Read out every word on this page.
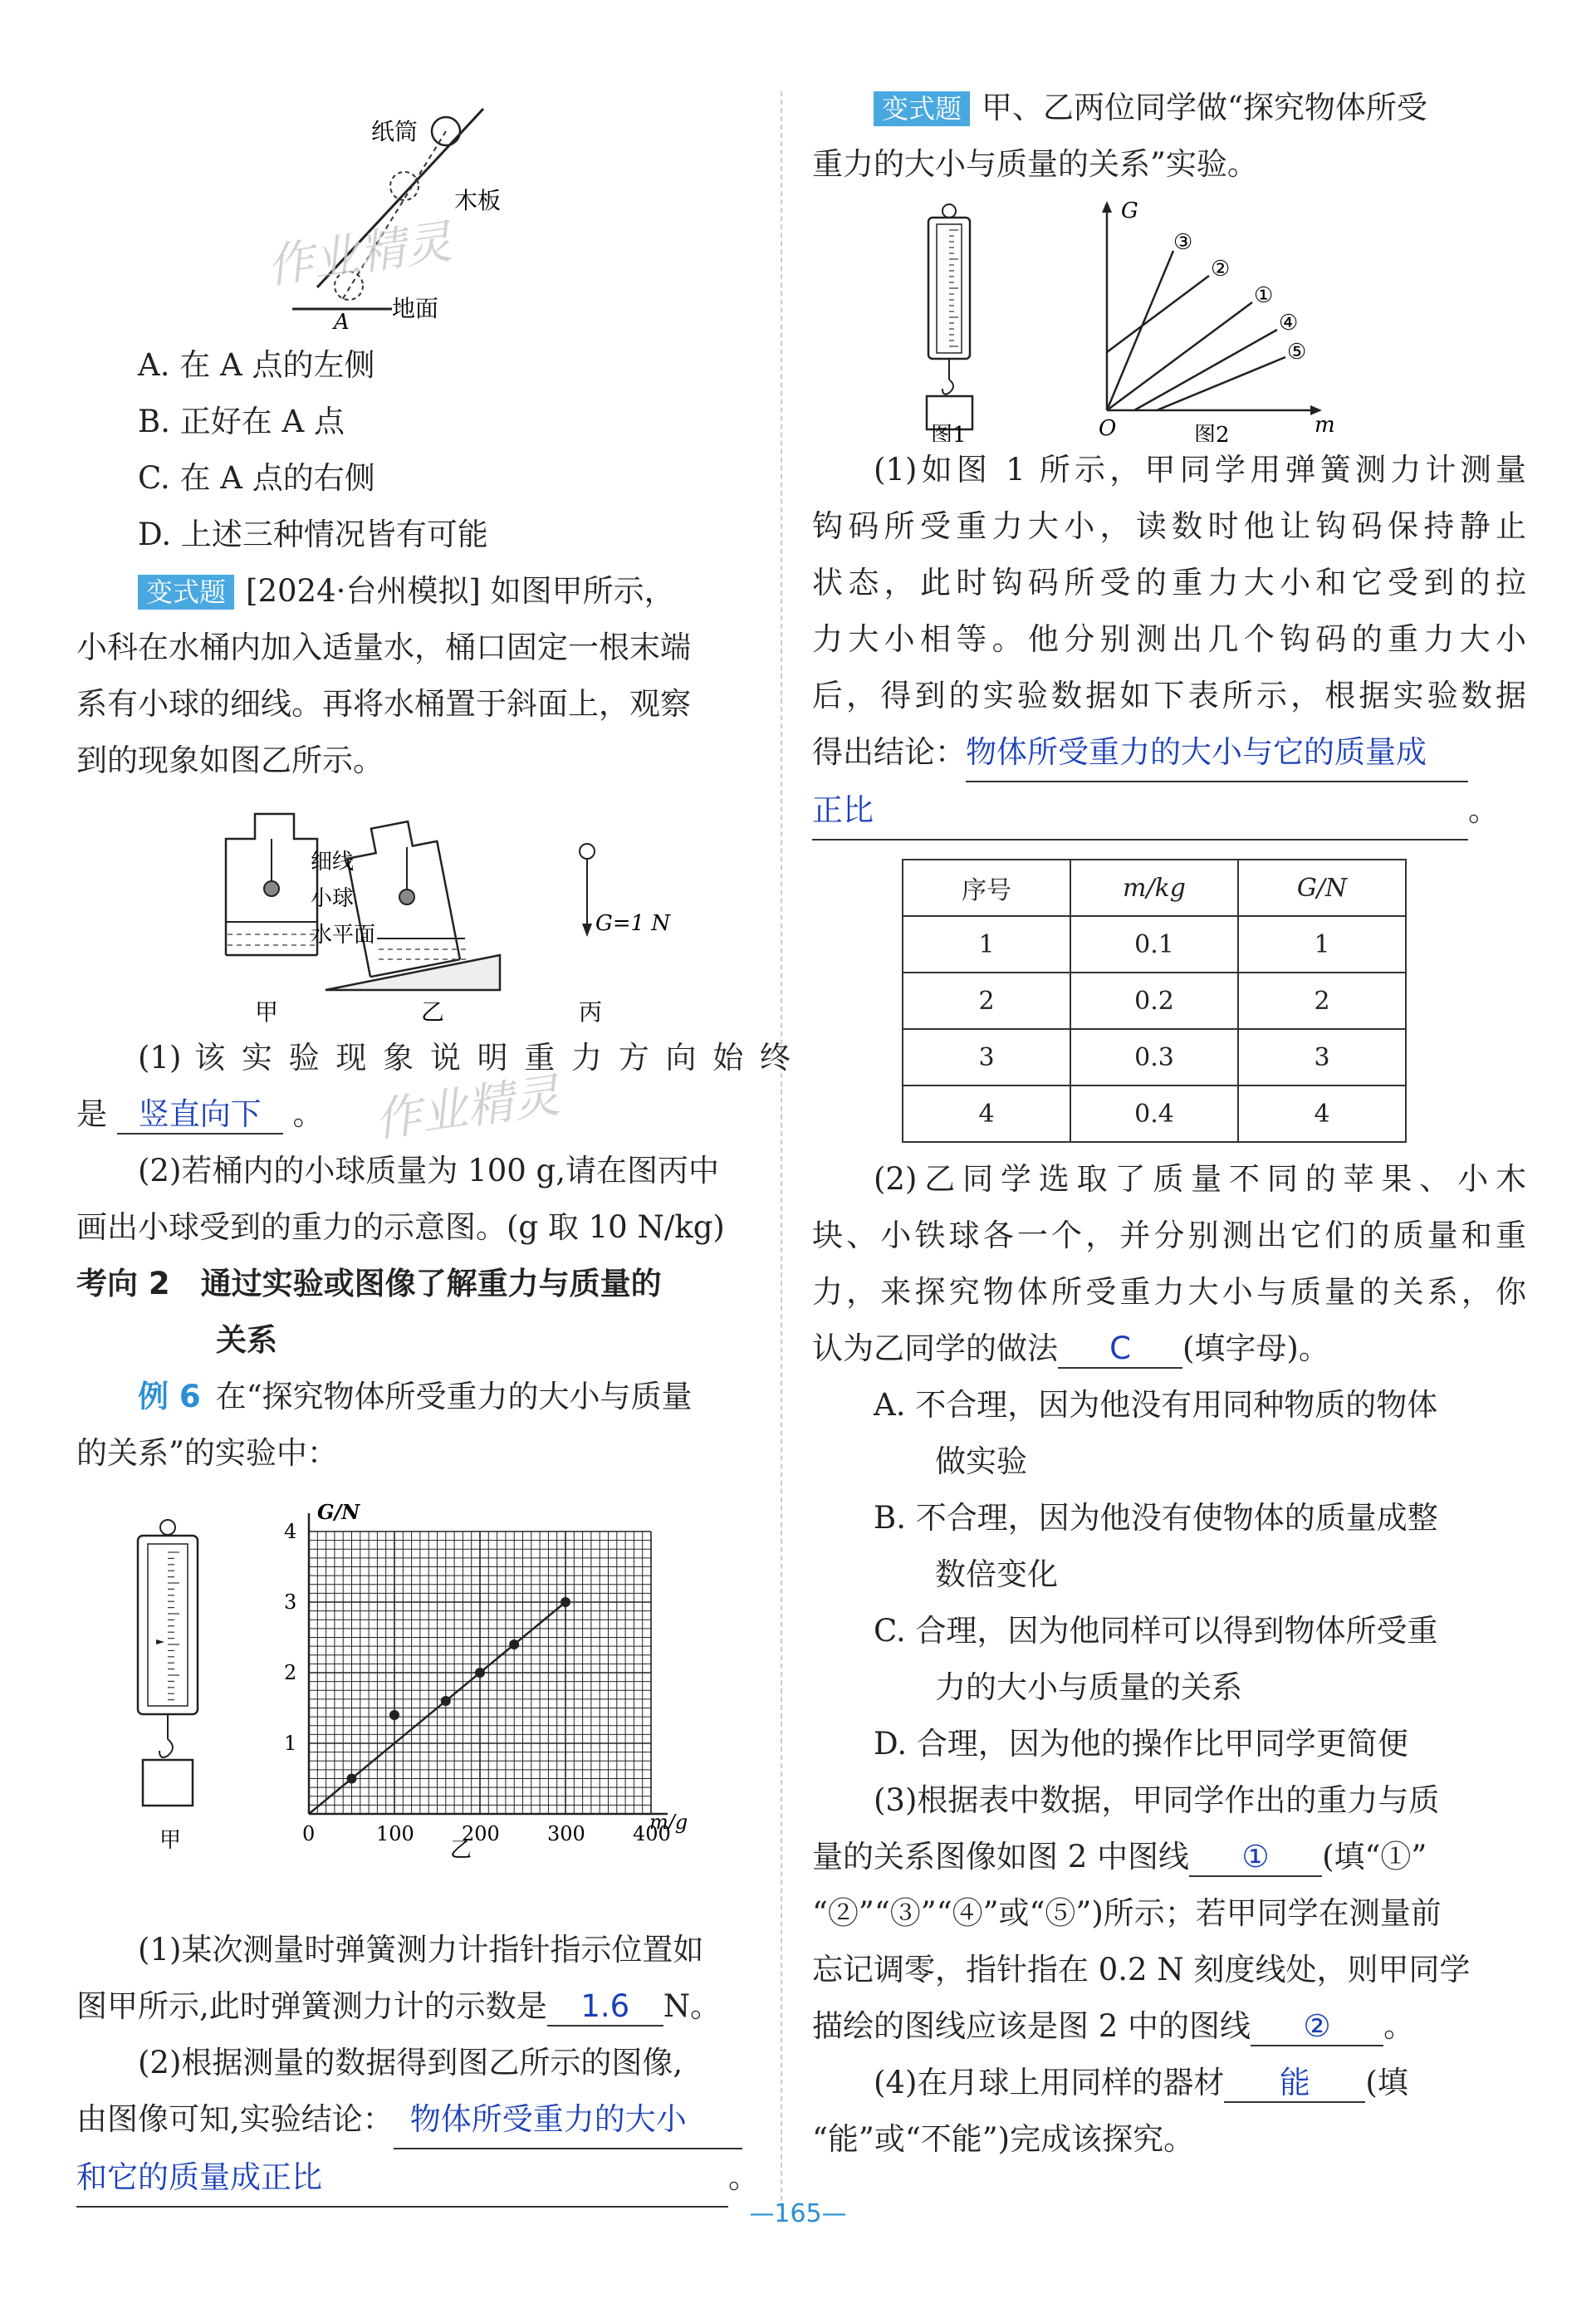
纸筒
木板
地面
A
A. 在 A 点的左侧
B. 正好在 A 点
C. 在 A 点的右侧
D. 上述三种情况皆有可能
变式题 [2024·台州模拟] 如图甲所示，
小科在水桶内加入适量水，桶口固定一根末端
系有小球的细线。再将水桶置于斜面上，观察
到的现象如图乙所示。
细线
小球
水平面	G=1 N
甲	乙	丙
(1) 该 实 验 现 象 说 明 重 力 方 向 始 终
是 竖直向下 。
(2)若桶内的小球质量为 100 g,请在图丙中
画出小球受到的重力的示意图。(g 取 10 N/kg)
考向 2　通过实验或图像了解重力与质量的
关系
例 6 在“探究物体所受重力的大小与质量
的关系”的实验中：
甲	0	100 200 300 400
1
2
3
4
G/N
m/g
乙
(1)某次测量时弹簧测力计指针指示位置如
图甲所示,此时弹簧测力计的示数是 1.6 N。
(2)根据测量的数据得到图乙所示的图像,
由图像可知,实验结论： 物体所受重力的大小
和它的质量成正比	。
变式题 甲、乙两位同学做“探究物体所受
重力的大小与质量的关系”实验。
图1
G
③
②
①
④
⑤
O	m
图2
(1)如图 1 所示，甲同学用弹簧测力计测量
钩码所受重力大小，读数时他让钩码保持静止
状态，此时钩码所受的重力大小和它受到的拉
力大小相等。他分别测出几个钩码的重力大小
后，得到的实验数据如下表所示，根据实验数据
得出结论：物体所受重力的大小与它的质量成
正比	。
序号	m/kg	G/N
1	0.1	1
2	0.2	2
3	0.3	3
4	0.4	4
(2)乙同学选取了质量不同的苹果、小木
块、小铁球各一个，并分别测出它们的质量和重
力，来探究物体所受重力大小与质量的关系，你
认为乙同学的做法 C (填字母)。
A. 不合理，因为他没有用同种物质的物体
做实验
B. 不合理，因为他没有使物体的质量成整
数倍变化
C. 合理，因为他同样可以得到物体所受重
力的大小与质量的关系
D. 合理，因为他的操作比甲同学更简便
(3)根据表中数据，甲同学作出的重力与质
量的关系图像如图 2 中图线 ① (填“①”
“②”“③”“④”或“⑤”)所示；若甲同学在测量前
忘记调零，指针指在 0.2 N 刻度线处，则甲同学
描绘的图线应该是图 2 中的图线 ② 。
(4)在月球上用同样的器材 能 (填
“能”或“不能”)完成该探究。
作业精灵
作业精灵
—165—
